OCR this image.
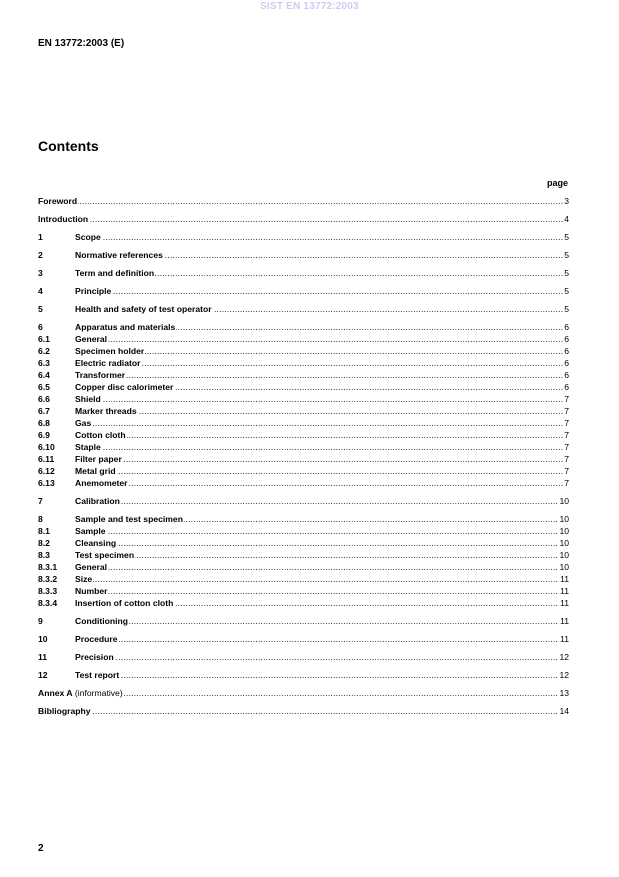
SIST EN 13772:2003
EN 13772:2003 (E)
Contents
page
.....
Foreword	3
.....
Introduction	4
.....
1	Scope	5
.....
2	Normative references	5
.....
3	Term and definition	5
.....
4	Principle	5
.....
5	Health and safety of test operator	5
.....
6	Apparatus and materials	6
.....
6.1	General	6
.....
6.2	Specimen holder	6
.....
6.3	Electric radiator	6
.....
6.4	Transformer	6
.....
6.5	Copper disc calorimeter	6
.....
6.6	Shield	7
.....
6.7	Marker threads	7
.....
6.8	Gas	7
.....
6.9	Cotton cloth	7
.....
6.10	Staple	7
.....
6.11	Filter paper	7
.....
6.12	Metal grid	7
.....
6.13	Anemometer	7
.....
7	Calibration	10
.....
8	Sample and test specimen	10
.....
8.1	Sample	10
.....
8.2	Cleansing	10
.....
8.3	Test specimen	10
.....
8.3.1	General	10
.....
8.3.2	Size	11
.....
8.3.3	Number	11
.....
8.3.4	Insertion of cotton cloth	11
.....
9	Conditioning	11
.....
10	Procedure	11
.....
11	Precision	12
.....
12	Test report	12
.....
Annex A (informative)	13
.....
Bibliography	14
2
